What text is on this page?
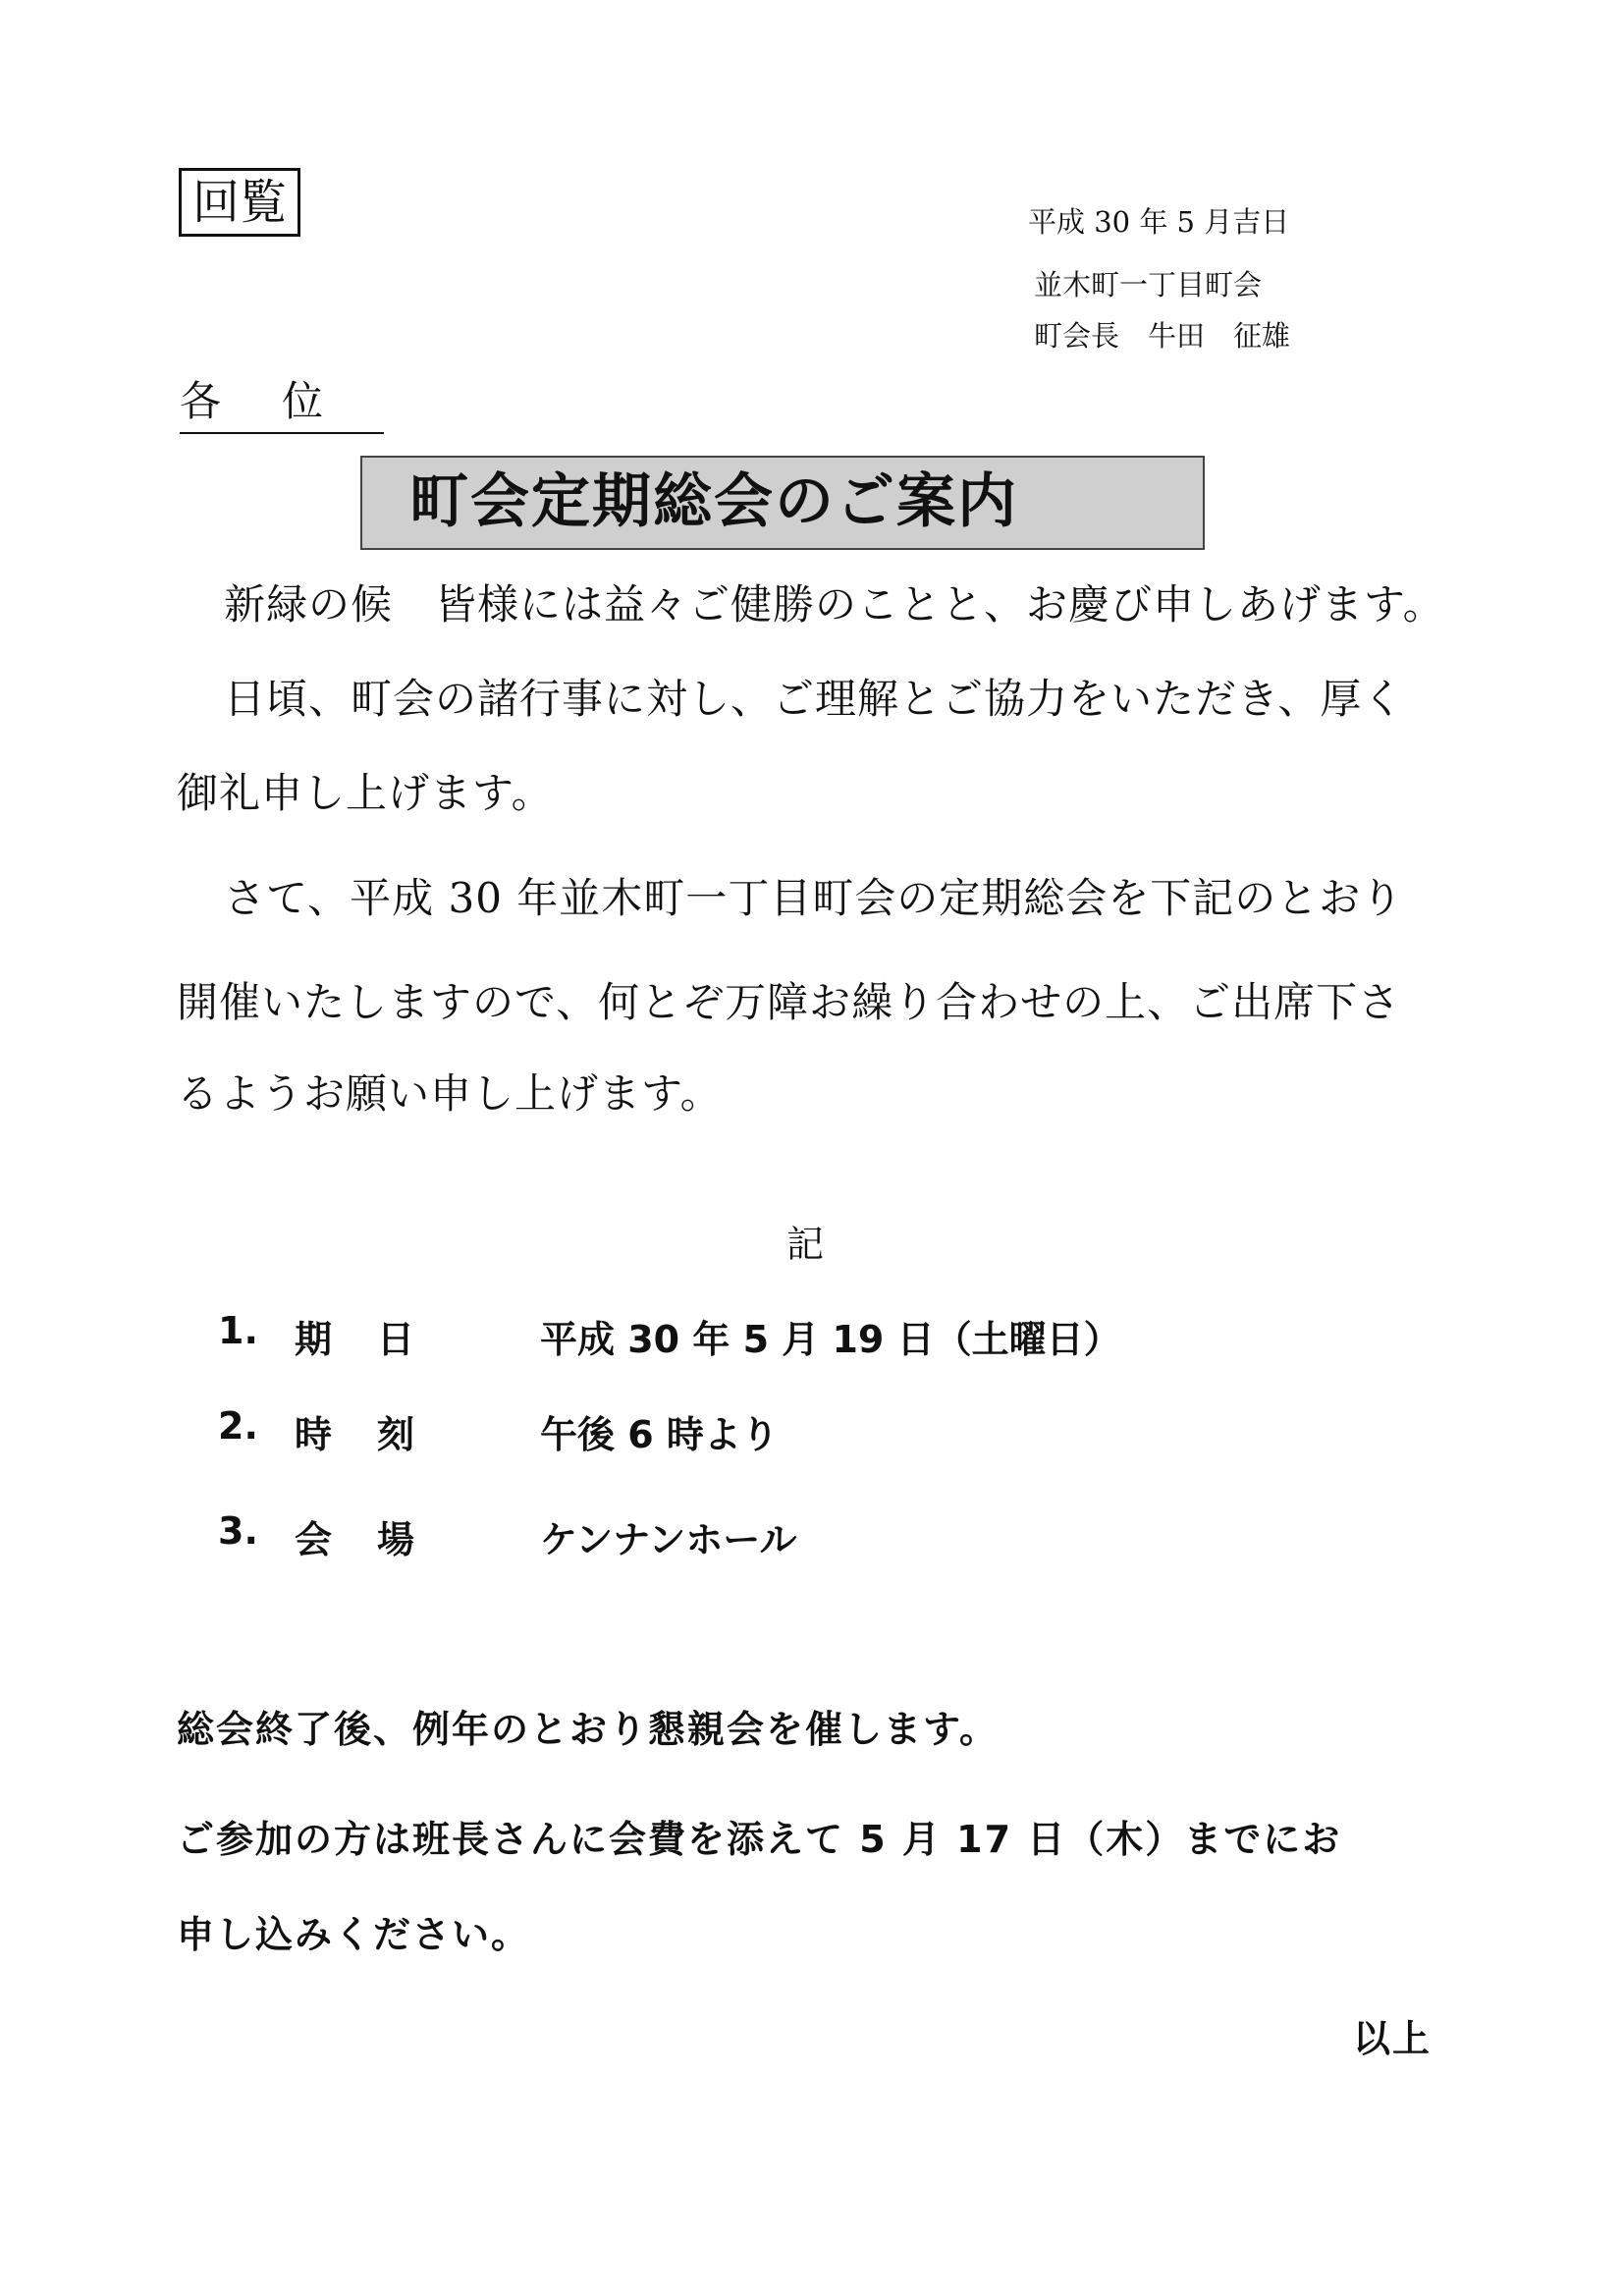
回覧	平成 30 年 5 月吉日
並木町一丁目町会
町会長　牛田　征雄
各位
町会定期総会のご案内
新緑の候　皆様には益々ご健勝のことと、お慶び申しあげます。
日頃、町会の諸行事に対し、ご理解とご協力をいただき、厚く
御礼申し上げます。
さて、平成 30 年並木町一丁目町会の定期総会を下記のとおり
開催いたしますので、何とぞ万障お繰り合わせの上、ご出席下さ
るようお願い申し上げます。
記
1. 期日 平成 30 年 5 月 19 日（土曜日）
2. 時刻 午後 6 時より
3. 会場 ケンナンホール
総会終了後、例年のとおり懇親会を催します。
ご参加の方は班長さんに会費を添えて 5 月 17 日（木）までにお
申し込みください。
以上
